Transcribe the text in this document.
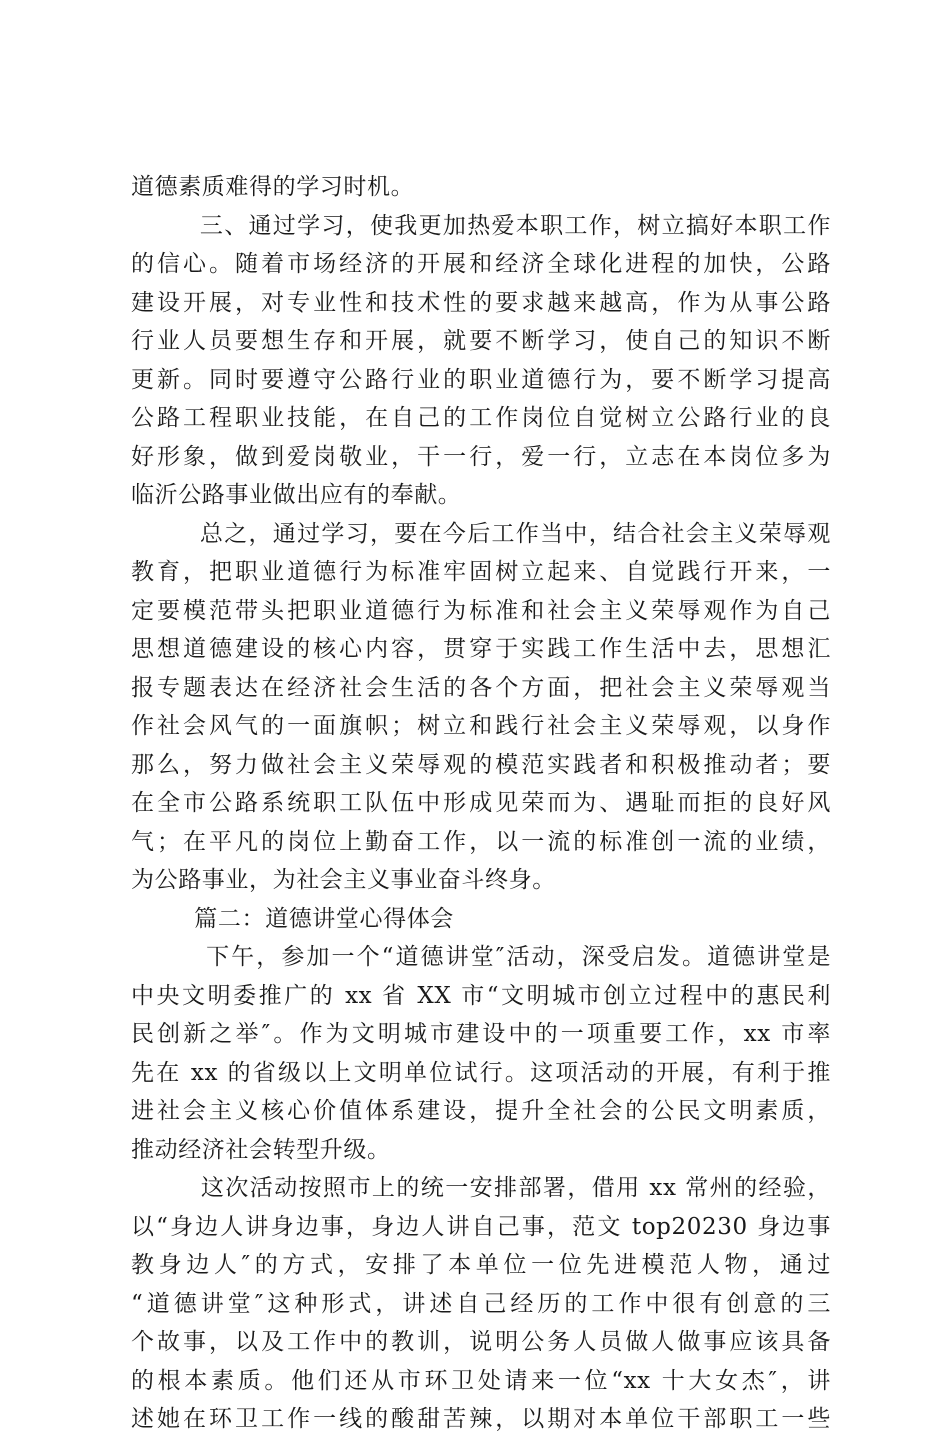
道德素质难得的学习时机。
三、通过学习，使我更加热爱本职工作，树立搞好本职工作
的信心。随着市场经济的开展和经济全球化进程的加快，公路
建设开展，对专业性和技术性的要求越来越高，作为从事公路
行业人员要想生存和开展，就要不断学习，使自己的知识不断
更新。同时要遵守公路行业的职业道德行为，要不断学习提高
公路工程职业技能，在自己的工作岗位自觉树立公路行业的良
好形象，做到爱岗敬业，干一行，爱一行，立志在本岗位多为
临沂公路事业做出应有的奉献。
总之，通过学习，要在今后工作当中，结合社会主义荣辱观
教育，把职业道德行为标准牢固树立起来、自觉践行开来，一
定要模范带头把职业道德行为标准和社会主义荣辱观作为自己
思想道德建设的核心内容，贯穿于实践工作生活中去，思想汇
报专题表达在经济社会生活的各个方面，把社会主义荣辱观当
作社会风气的一面旗帜；树立和践行社会主义荣辱观，以身作
那么，努力做社会主义荣辱观的模范实践者和积极推动者；要
在全市公路系统职工队伍中形成见荣而为、遇耻而拒的良好风
气；在平凡的岗位上勤奋工作，以一流的标准创一流的业绩，
为公路事业，为社会主义事业奋斗终身。
篇二：道德讲堂心得体会
下午，参加一个“道德讲堂″活动，深受启发。道德讲堂是
中央文明委推广的 xx 省 XX 市“文明城市创立过程中的惠民利
民创新之举″。作为文明城市建设中的一项重要工作，xx 市率
先在 xx 的省级以上文明单位试行。这项活动的开展，有利于推
进社会主义核心价值体系建设，提升全社会的公民文明素质，
推动经济社会转型升级。
这次活动按照市上的统一安排部署，借用 xx 常州的经验，
以“身边人讲身边事，身边人讲自己事，范文 top20230 身边事
教身边人″的方式，安排了本单位一位先进模范人物，通过
“道德讲堂″这种形式，讲述自己经历的工作中很有创意的三
个故事，以及工作中的教训，说明公务人员做人做事应该具备
的根本素质。他们还从市环卫处请来一位“xx 十大女杰″，讲
述她在环卫工作一线的酸甜苦辣，以期对本单位干部职工一些
